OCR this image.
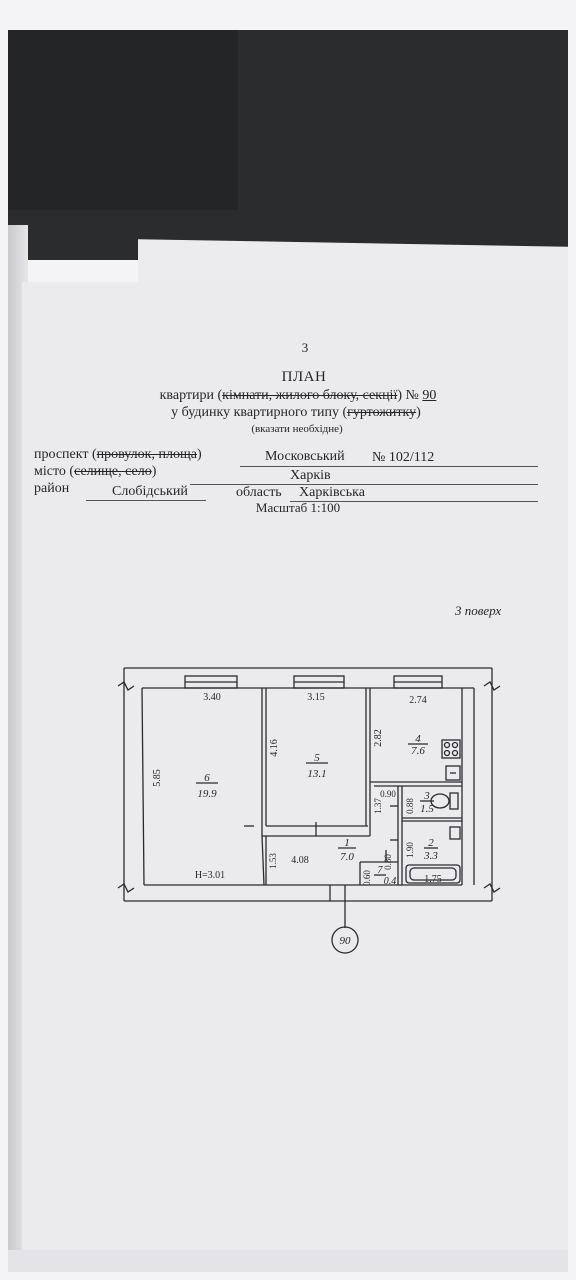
3
ПЛАН
квартири (кімнати, жилого блоку, секції) № 90
у будинку квартирного типу (гуртожитку)
(вказати необхідне)
проспект (провулок, площа)	Московський № 102/112
місто (селище, село)	Харків
район	Слобідський	область Харківська
Масштаб 1:100
3 поверх
6
19.9
5
13.1
4
7.6
3
1.5
2
3.3
1
7.0
7
0.4
3.40	3.15	2.74
5.85
4.16
2.82
0.90
1.37 0.88
1.90
1.53 4.08	0.80
0.60	1.75
H=3.01
90
